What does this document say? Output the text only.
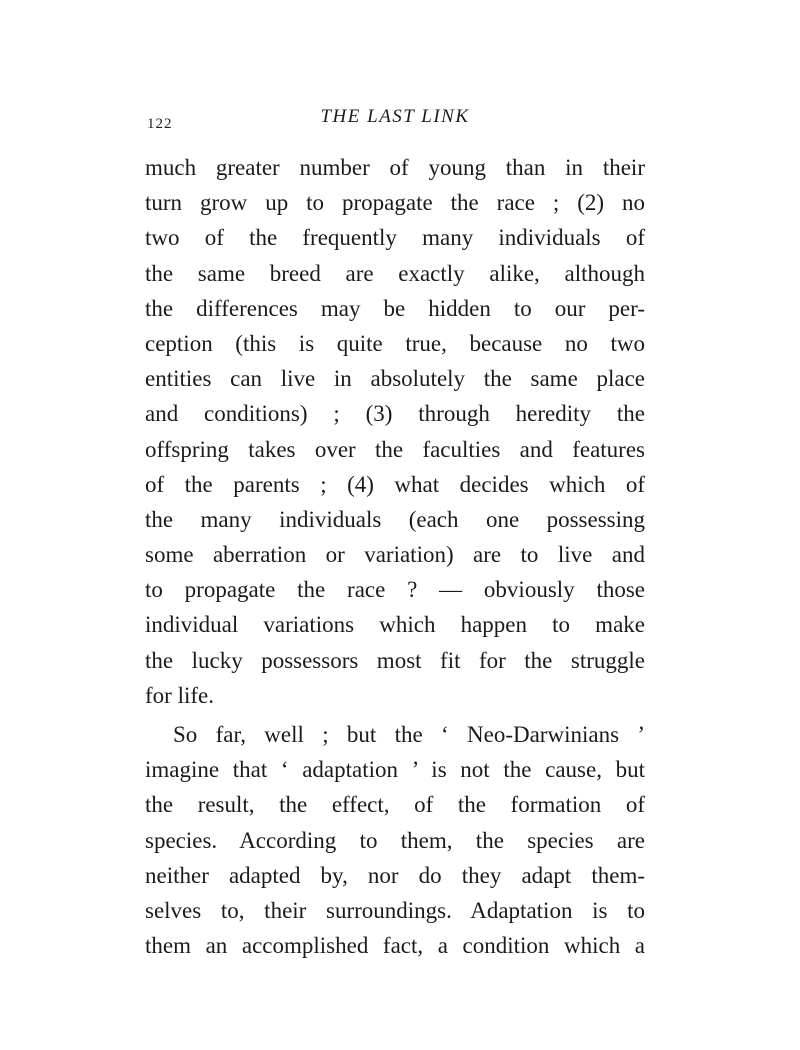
122	THE LAST LINK
much greater number of young than in their
turn grow up to propagate the race ; (2) no
two of the frequently many individuals of
the same breed are exactly alike, although
the differences may be hidden to our per-
ception (this is quite true, because no two
entities can live in absolutely the same place
and conditions) ; (3) through heredity the
offspring takes over the faculties and features
of the parents ; (4) what decides which of
the many individuals (each one possessing
some aberration or variation) are to live and
to propagate the race ? — obviously those
individual variations which happen to make
the lucky possessors most fit for the struggle
for life.
So far, well ; but the ‘ Neo-Darwinians ’
imagine that ‘ adaptation ’ is not the cause, but
the result, the effect, of the formation of
species. According to them, the species are
neither adapted by, nor do they adapt them-
selves to, their surroundings. Adaptation is to
them an accomplished fact, a condition which a
